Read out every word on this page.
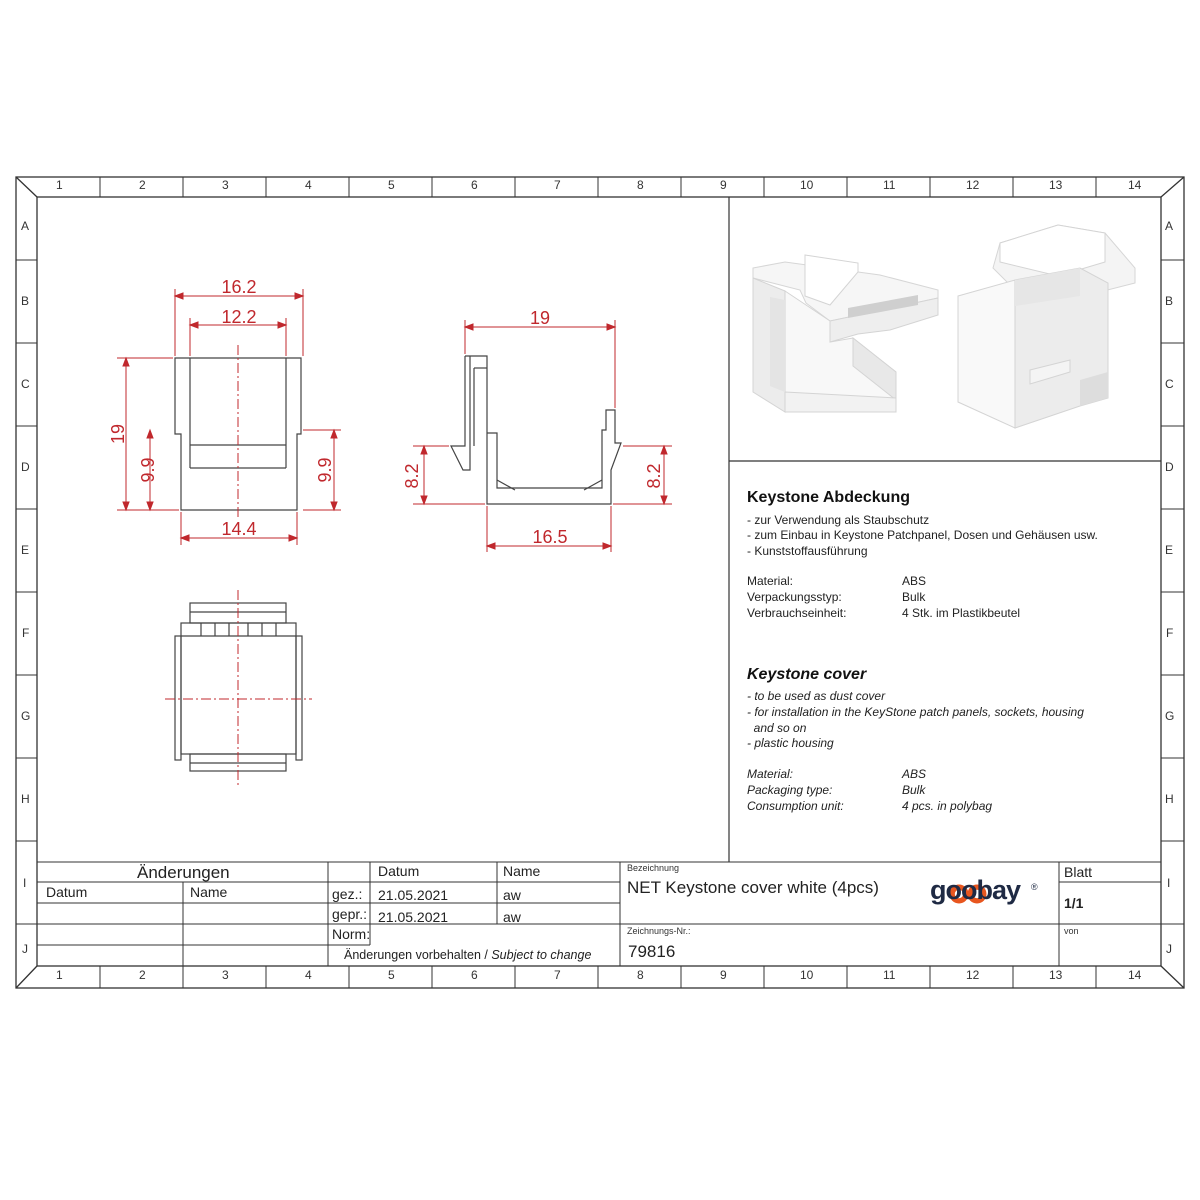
16.2
12.2
19
9.9	9.9
14.4
19
8.2	8.2
16.5
1	2	3	4	5	6	7	8	9	10	11	12	13	14
1	2	3	4	5	6	7	8	9	10	11	12	13	14
A
B
C
D
E
F
G
H
I
J
A
B
C
D
E
F
G
H
I
J
Keystone Abdeckung
- zur Verwendung als Staubschutz
- zum Einbau in Keystone Patchpanel, Dosen und Gehäusen usw.
- Kunststoffausführung
Material:	ABS
Verpackungsstyp:	Bulk
Verbrauchseinheit:	4 Stk. im Plastikbeutel
Keystone cover
- to be used as dust cover
- for installation in the KeyStone patch panels, sockets, housing
and so on
- plastic housing
Material:	ABS
Packaging type:	Bulk
Consumption unit:	4 pcs. in polybag
Änderungen
Datum	Name
Datum	Name
gez.: 21.05.2021	aw
gepr.: 21.05.2021	aw
Norm:
Änderungen vorbehalten / Subject to change
Bezeichnung
NET Keystone cover white (4pcs)
Zeichnungs-Nr.:
79816
Blatt
1/1
von
goobay ®
